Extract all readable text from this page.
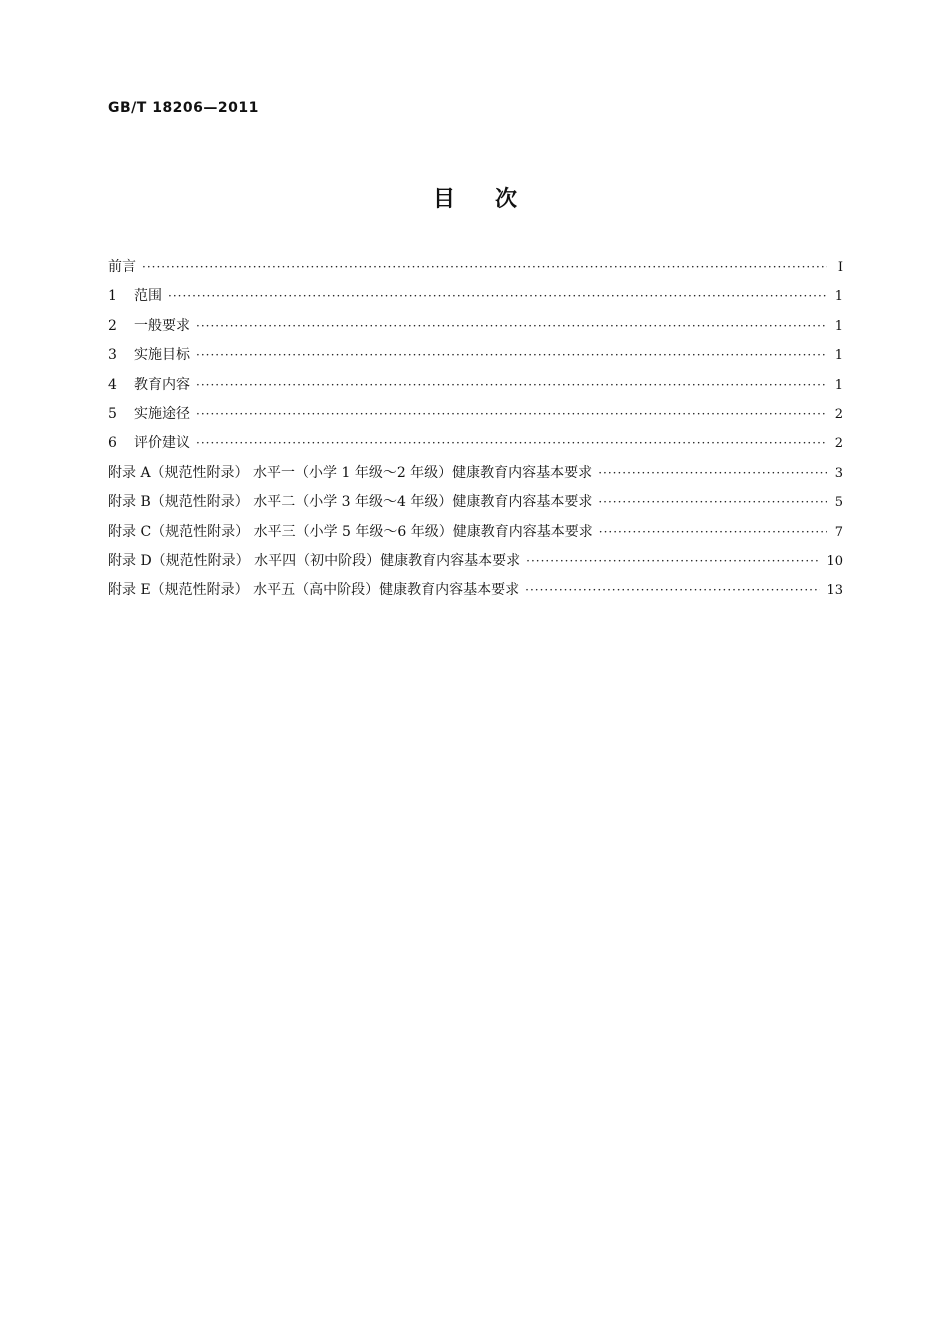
GB/T 18206—2011
目次
前言 ·····	Ⅰ
1 范围 ·····	1
2 一般要求 ·····	1
3 实施目标 ·····	1
4 教育内容 ·····	1
5 实施途径 ·····	2
6 评价建议 ·····	2
附录 A（规范性附录） 水平一（小学 1 年级～2 年级）健康教育内容基本要求 ·····	3
附录 B（规范性附录） 水平二（小学 3 年级～4 年级）健康教育内容基本要求 ·····	5
附录 C（规范性附录） 水平三（小学 5 年级～6 年级）健康教育内容基本要求 ·····	7
附录 D（规范性附录） 水平四（初中阶段）健康教育内容基本要求 ·····	10
附录 E（规范性附录） 水平五（高中阶段）健康教育内容基本要求 ·····	13
